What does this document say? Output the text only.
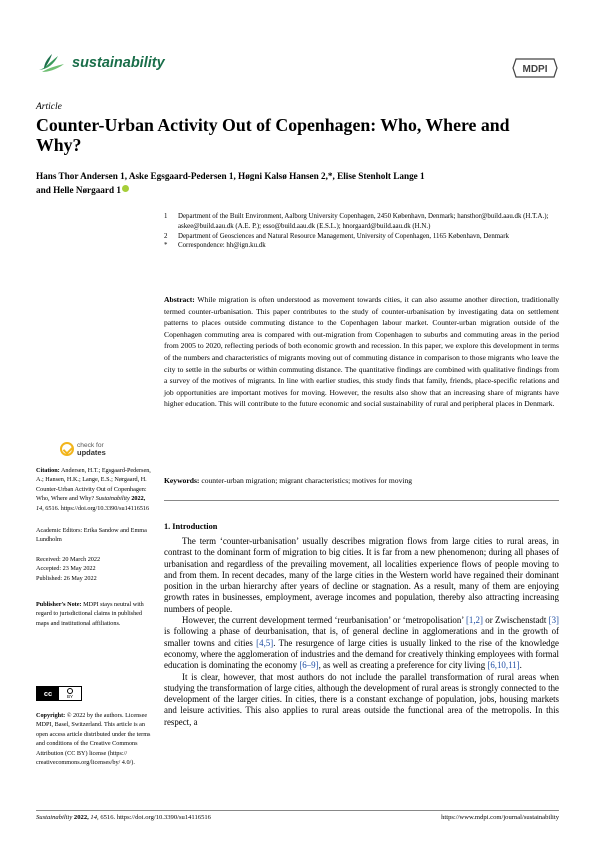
sustainability	MDPI
Article
Counter-Urban Activity Out of Copenhagen: Who, Where and Why?
Hans Thor Andersen 1, Aske Egsgaard-Pedersen 1, Høgni Kalsø Hansen 2,*, Elise Stenholt Lange 1
and Helle Nørgaard 1
1	Department of the Built Environment, Aalborg University Copenhagen, 2450 København, Denmark; hansthor@build.aau.dk (H.T.A.); askee@build.aau.dk (A.E. P.); esso@build.aau.dk (E.S.L.); hnorgaard@build.aau.dk (H.N.)
2	Department of Geosciences and Natural Resource Management, University of Copenhagen, 1165 København, Denmark
*	Correspondence: hh@ign.ku.dk
Abstract: While migration is often understood as movement towards cities, it can also assume another direction, traditionally termed counter-urbanisation. This paper contributes to the study of counter-urbanisation by investigating data on settlement patterns to places outside commuting distance to the Copenhagen labour market. Counter-urban migration outside of the Copenhagen commuting area is compared with out-migration from Copenhagen to suburbs and commuting areas in the period from 2005 to 2020, reflecting periods of both economic growth and recession. In this paper, we explore this development in terms of the numbers and characteristics of migrants moving out of commuting distance in comparison to those migrants who leave the city to settle in the suburbs or within commuting distance. The quantitative findings are combined with qualitative findings from a survey of the motives of migrants. In line with earlier studies, this study finds that family, friends, place-specific relations and job opportunities are important motives for moving. However, the results also show that an increasing share of migrants have higher education. This will contribute to the future economic and social sustainability of rural and peripheral places in Denmark.
Keywords: counter-urban migration; migrant characteristics; motives for moving
check for
updates
Citation: Andersen, H.T.; Egsgaard-Pedersen, A.; Hansen, H.K.; Lange, E.S.; Nørgaard, H. Counter-Urban Activity Out of Copenhagen: Who, Where and Why? Sustainability 2022, 14, 6516. https://doi.org/10.3390/su14116516
Academic Editors: Erika Sandow and Emma Lundholm
Received: 20 March 2022
Accepted: 23 May 2022
Published: 26 May 2022
Publisher's Note: MDPI stays neutral with regard to jurisdictional claims in published maps and institutional affiliations.
cc	BY
Copyright: © 2022 by the authors. Licensee MDPI, Basel, Switzerland. This article is an open access article distributed under the terms and conditions of the Creative Commons Attribution (CC BY) license (https:// creativecommons.org/licenses/by/ 4.0/).
1. Introduction

The term ‘counter-urbanisation’ usually describes migration flows from large cities to rural areas, in contrast to the dominant form of migration to big cities. It is far from a new phenomenon; during all phases of urbanisation and regardless of the prevailing movement, all localities experience flows of people moving to and from them. In recent decades, many of the large cities in the Western world have regained their dominant position in the urban hierarchy after years of decline or stagnation. As a result, many of them are enjoying growth rates in businesses, employment, average incomes and population, thereby also attracting increasing numbers of people.

However, the current development termed ‘reurbanisation’ or ‘metropolisation’ [1,2] or Zwischenstadt [3] is following a phase of deurbanisation, that is, of general decline in agglomerations and in the growth of smaller towns and cities [4,5]. The resurgence of large cities is usually linked to the rise of the knowledge economy, where the agglomeration of industries and the demand for creatively thinking employees with formal education is dominating the economy [6–9], as well as creating a preference for city living [6,10,11].

It is clear, however, that most authors do not include the parallel transformation of rural areas when studying the transformation of large cities, although the development of rural areas is strongly connected to the development of the larger cities. In cities, there is a constant exchange of population, jobs, housing markets and leisure activities. This also applies to rural areas outside the functional area of the metropolis. In this respect, a

Sustainability 2022, 14, 6516. https://doi.org/10.3390/su14116516	https://www.mdpi.com/journal/sustainability
